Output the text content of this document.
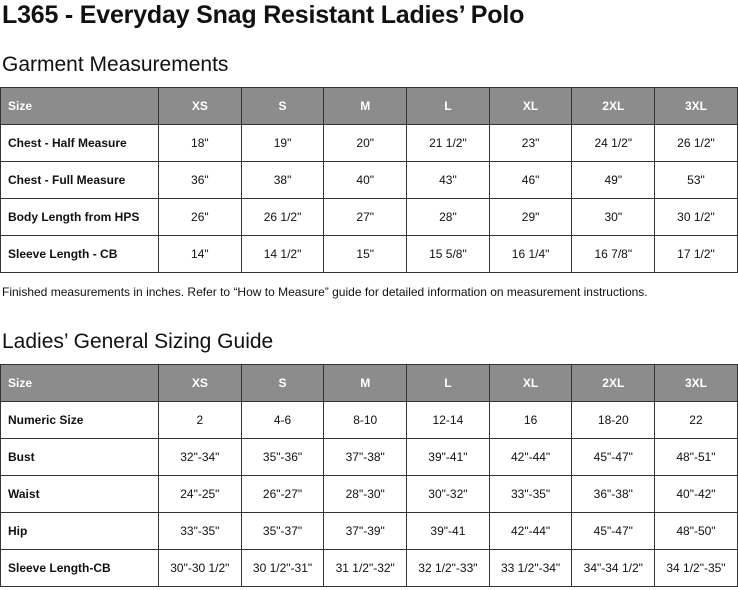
L365 - Everyday Snag Resistant Ladies’ Polo
Garment Measurements
Size	XS	S	M	L	XL	2XL	3XL
Chest - Half Measure	18"	19"	20"	21 1/2"	23"	24 1/2"	26 1/2"
Chest - Full Measure	36"	38"	40"	43"	46"	49"	53"
Body Length from HPS	26"	26 1/2"	27"	28"	29"	30"	30 1/2"
Sleeve Length - CB	14"	14 1/2"	15"	15 5/8"	16 1/4"	16 7/8"	17 1/2"
Finished measurements in inches. Refer to “How to Measure” guide for detailed information on measurement instructions.
Ladies’ General Sizing Guide
Size	XS	S	M	L	XL	2XL	3XL
Numeric Size	2	4-6	8-10	12-14	16	18-20	22
Bust	32"-34"	35"-36"	37"-38"	39"-41"	42"-44"	45"-47"	48"-51"
Waist	24"-25"	26"-27"	28"-30"	30"-32"	33"-35"	36"-38"	40"-42"
Hip	33"-35"	35"-37"	37"-39"	39"-41	42"-44"	45"-47"	48"-50"
Sleeve Length-CB	30"-30 1/2"	30 1/2"-31"	31 1/2"-32"	32 1/2"-33"	33 1/2"-34"	34"-34 1/2"	34 1/2"-35"
